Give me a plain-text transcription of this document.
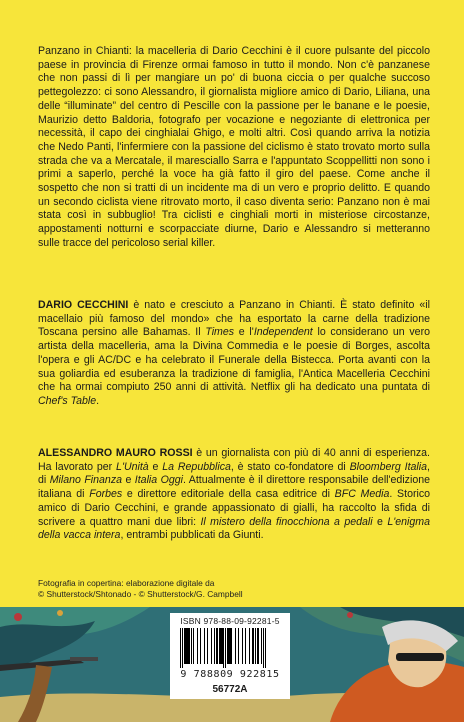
Panzano in Chianti: la macelleria di Dario Cecchini è il cuore pulsante del piccolo paese in provincia di Firenze ormai famoso in tutto il mondo. Non c'è panzanese che non passi di lì per mangiare un po' di buona ciccia o per qualche succoso pettegolezzo: ci sono Alessandro, il giornalista migliore amico di Dario, Liliana, una delle “illuminate” del centro di Pescille con la passione per le banane e le poesie, Maurizio detto Baldoria, fotografo per vocazione e negoziante di elettronica per necessità, il capo dei cinghialai Ghigo, e molti altri. Così quando arriva la notizia che Nedo Panti, l'infermiere con la passione del ciclismo è stato trovato morto sulla strada che va a Mercatale, il maresciallo Sarra e l'appuntato Scoppellitti non sono i primi a saperlo, perché la voce ha già fatto il giro del paese. Come anche il sospetto che non si tratti di un incidente ma di un vero e proprio delitto. E quando un secondo ciclista viene ritrovato morto, il caso diventa serio: Panzano non è mai stata così in subbuglio! Tra ciclisti e cinghiali morti in misteriose circostanze, appostamenti notturni e scorpacciate diurne, Dario e Alessandro si metteranno sulle tracce del pericoloso serial killer.

DARIO CECCHINI è nato e cresciuto a Panzano in Chianti. È stato definito «il macellaio più famoso del mondo» che ha esportato la carne della tradizione Toscana persino alle Bahamas. Il Times e l'Independent lo considerano un vero artista della macelleria, ama la Divina Commedia e le poesie di Borges, ascolta l'opera e gli AC/DC e ha celebrato il Funerale della Bistecca. Porta avanti con la sua goliardia ed esuberanza la tradizione di famiglia, l'Antica Macelleria Cecchini che ha ormai compiuto 250 anni di attività. Netflix gli ha dedicato una puntata di Chef's Table.

ALESSANDRO MAURO ROSSI è un giornalista con più di 40 anni di esperienza. Ha lavorato per L'Unità e La Repubblica, è stato co-fondatore di Bloomberg Italia, di Milano Finanza e Italia Oggi. Attualmente è il direttore responsabile dell'edizione italiana di Forbes e direttore editoriale della casa editrice di BFC Media. Storico amico di Dario Cecchini, e grande appassionato di gialli, ha raccolto la sfida di scrivere a quattro mani due libri: Il mistero della finocchiona a pedali e L'enigma della vacca intera, entrambi pubblicati da Giunti.

Fotografia in copertina: elaborazione digitale da
© Shutterstock/Shtonado - © Shutterstock/G. Campbell
ISBN 978-88-09-92281-5
9 788809 922815
56772A
